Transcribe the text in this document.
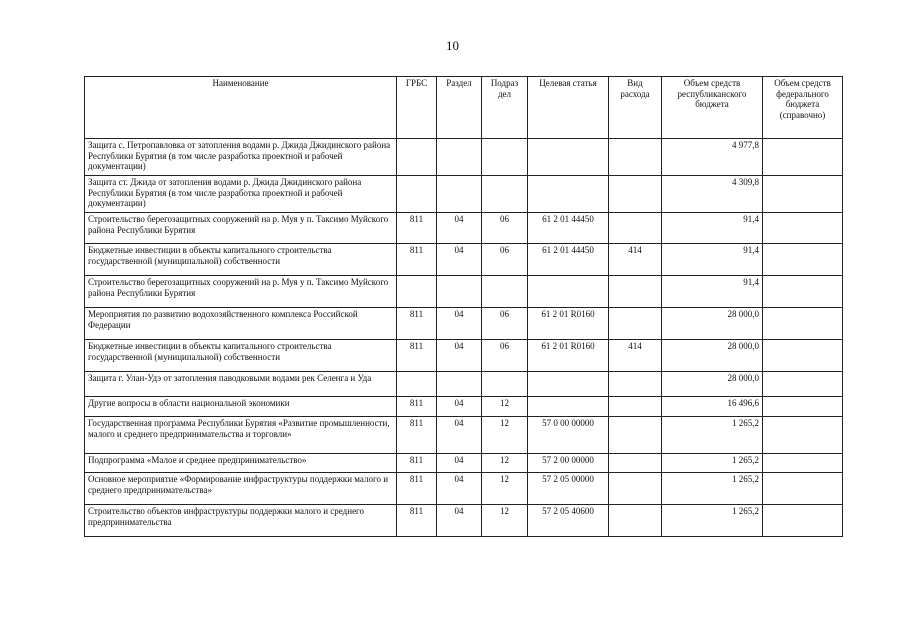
10
Наименование	ГРБС	Раздел	Подраз дел	Целевая статья	Вид расхода	Объем средств республиканского бюджета	Объем средств федерального бюджета (справочно)
Защита с. Петропавловка от затопления водами р. Джида Джидинского района Республики Бурятия (в том числе разработка проектной и рабочей документации)						4 977,8	
Защита ст. Джида от затопления водами р. Джида Джидинского района Республики Бурятия (в том числе разработка проектной и рабочей документации)						4 309,8	
Строительство берегозащитных сооружений на р. Муя у п. Таксимо Муйского района Республики Бурятия	811	04	06	61 2 01 44450		91,4	
Бюджетные инвестиции в объекты капитального строительства государственной (муниципальной) собственности	811	04	06	61 2 01 44450	414	91,4	
Строительство берегозащитных сооружений на р. Муя у п. Таксимо Муйского района Республики Бурятия						91,4	
Мероприятия по развитию водохозяйственного комплекса Российской Федерации	811	04	06	61 2 01 R0160		28 000,0	
Бюджетные инвестиции в объекты капитального строительства государственной (муниципальной) собственности	811	04	06	61 2 01 R0160	414	28 000,0	
Защита г. Улан-Удэ от затопления паводковыми водами рек Селенга и Уда						28 000,0	
Другие вопросы в области национальной экономики	811	04	12			16 496,6	
Государственная программа Республики Бурятия «Развитие промышленности, малого и среднего предпринимательства и торговли»	811	04	12	57 0 00 00000		1 265,2	
Подпрограмма «Малое и среднее предпринимательство»	811	04	12	57 2 00 00000		1 265,2	
Основное мероприятие «Формирование инфраструктуры поддержки малого и среднего предпринимательства»	811	04	12	57 2 05 00000		1 265,2	
Строительство объектов инфраструктуры поддержки малого и среднего предпринимательства	811	04	12	57 2 05 40600		1 265,2	
